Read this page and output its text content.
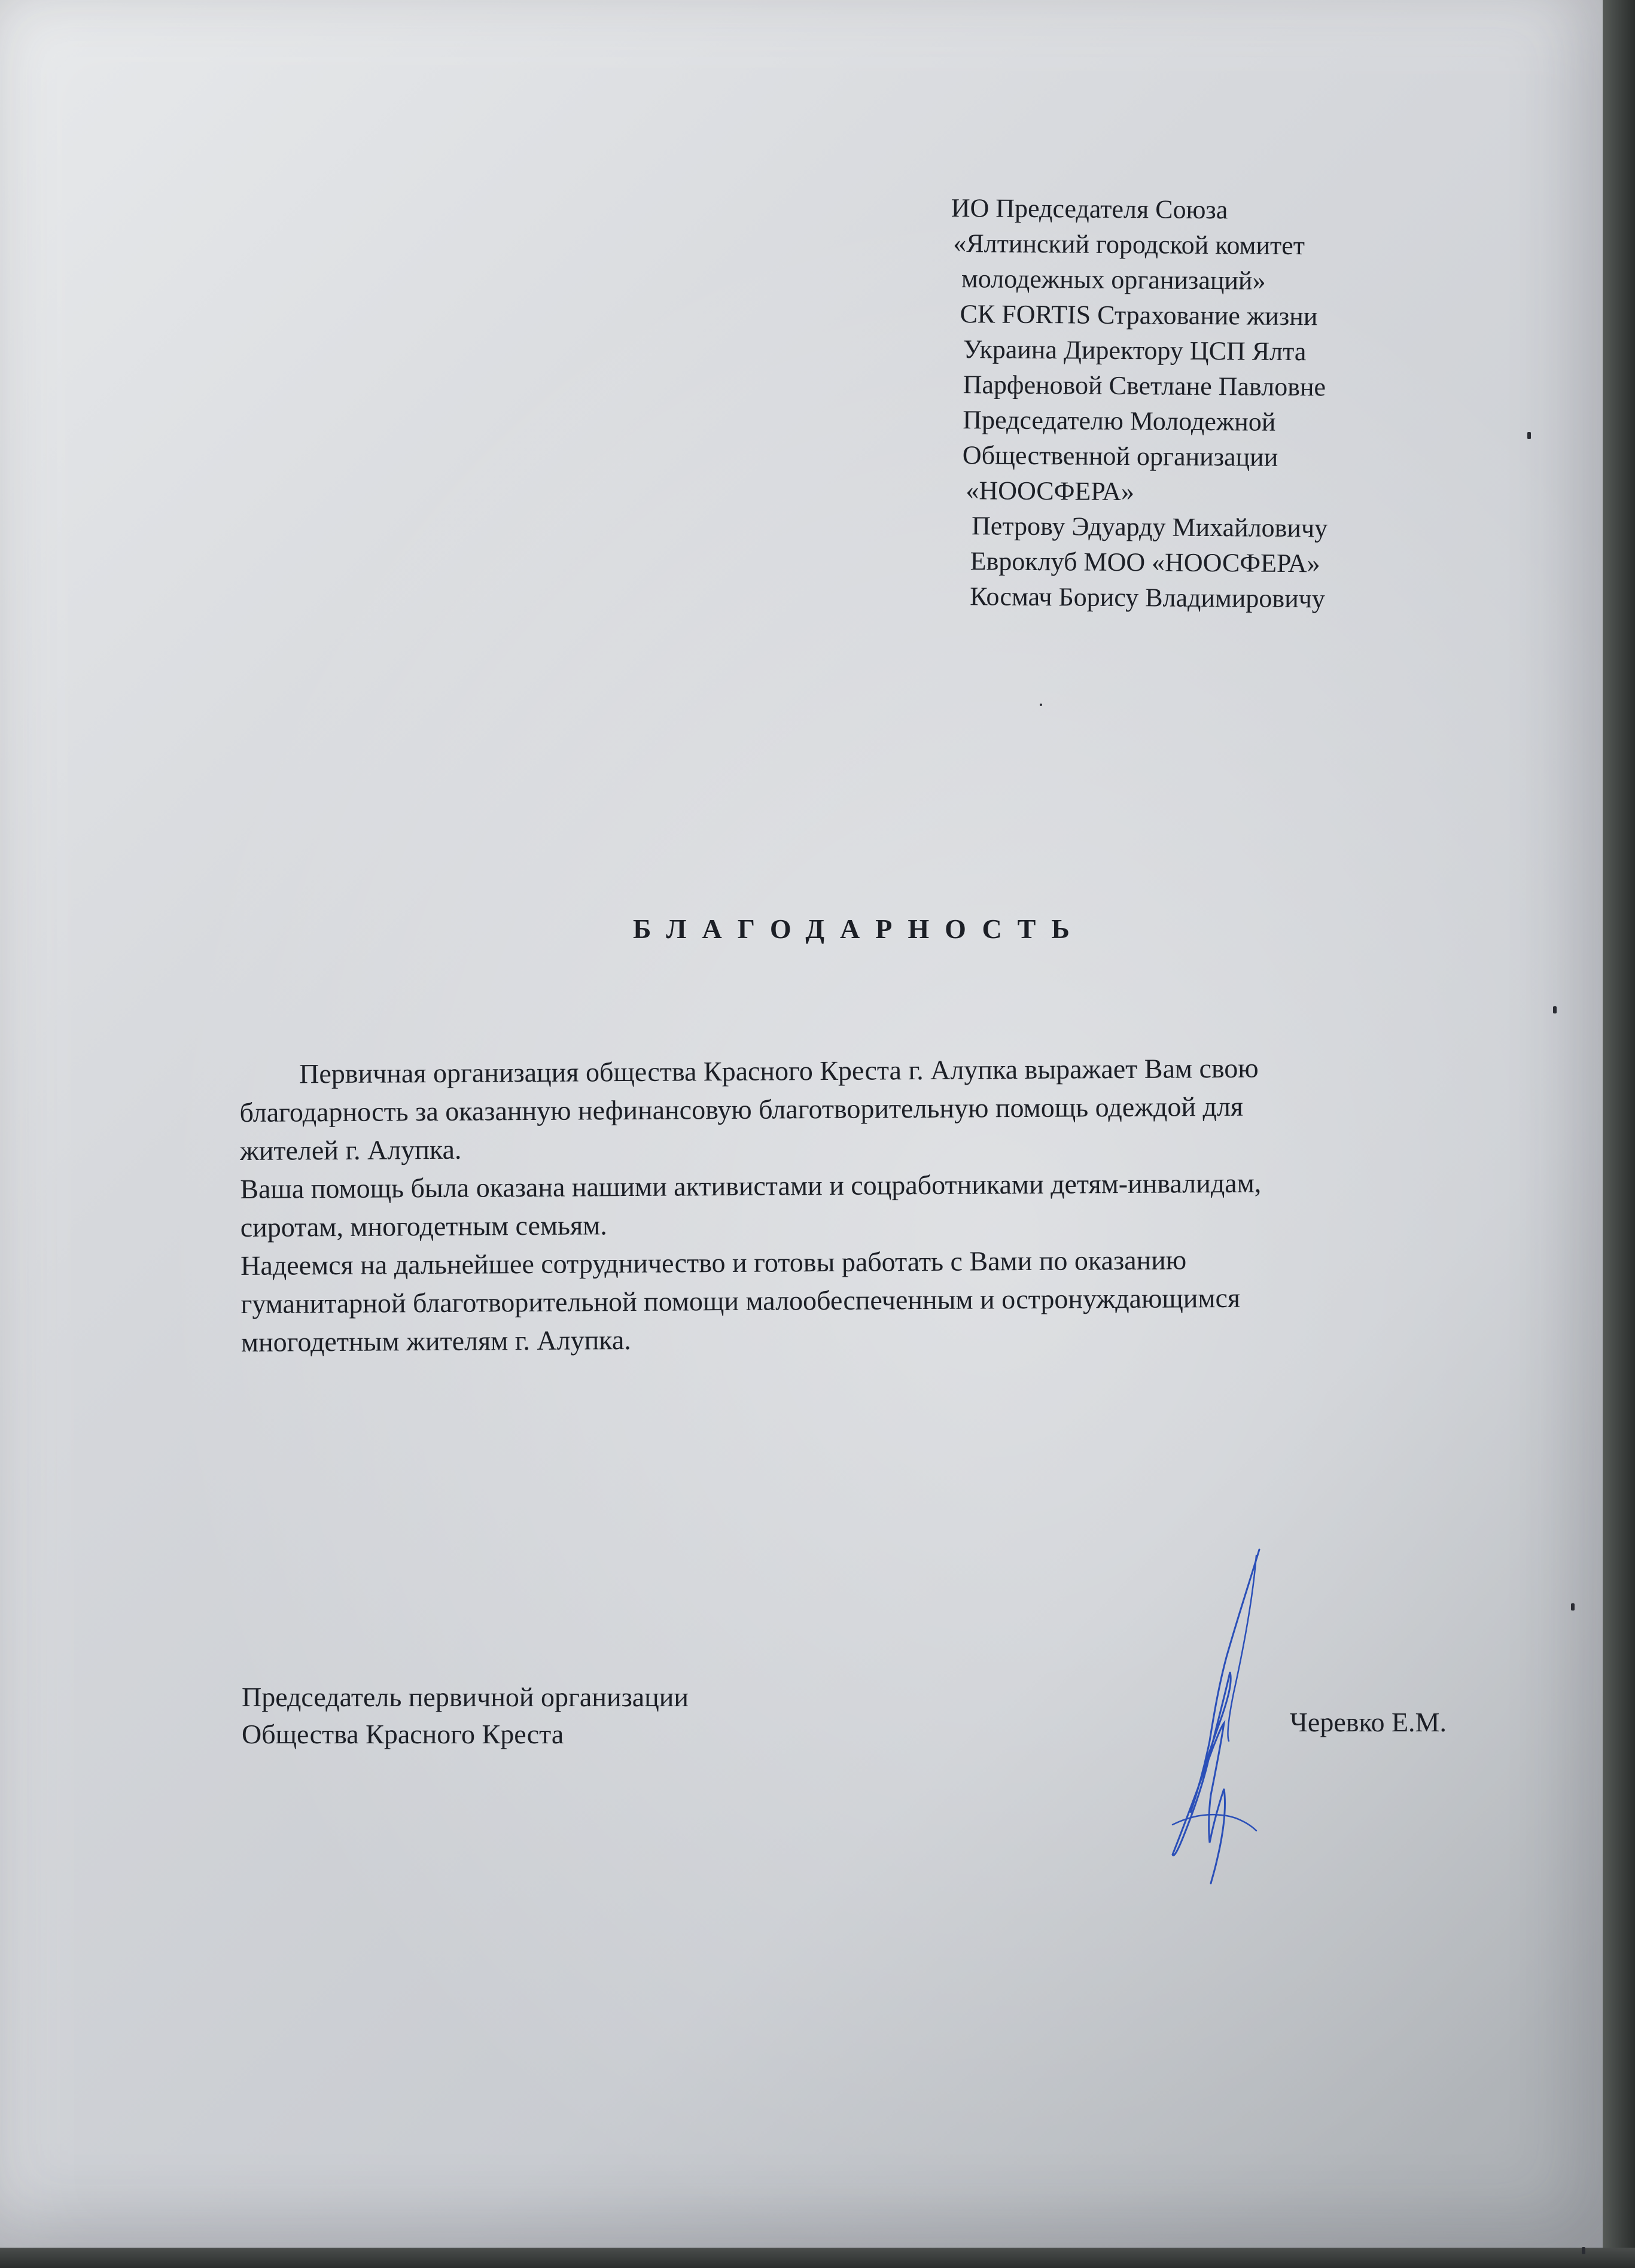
ИО Председателя Союза
«Ялтинский городской комитет
молодежных организаций»
СК FORTIS Страхование жизни
Украина Директору ЦСП Ялта
Парфеновой Светлане Павловне
Председателю Молодежной
Общественной организации
«НООСФЕРА»
Петрову Эдуарду Михайловичу
Евроклуб МОО «НООСФЕРА»
Космач Борису Владимировичу
БЛАГОДАРНОСТЬ
Первичная организация общества Красного Креста г. Алупка выражает Вам свою
благодарность за оказанную нефинансовую благотворительную помощь одеждой для
жителей г. Алупка.
Ваша помощь была оказана нашими активистами и соцработниками детям-инвалидам,
сиротам, многодетным семьям.
Надеемся на дальнейшее сотрудничество и готовы работать с Вами по оказанию
гуманитарной благотворительной помощи малообеспеченным и остронуждающимся
многодетным жителям г. Алупка.
Председатель первичной организации
Общества Красного Креста	Черевко Е.М.
